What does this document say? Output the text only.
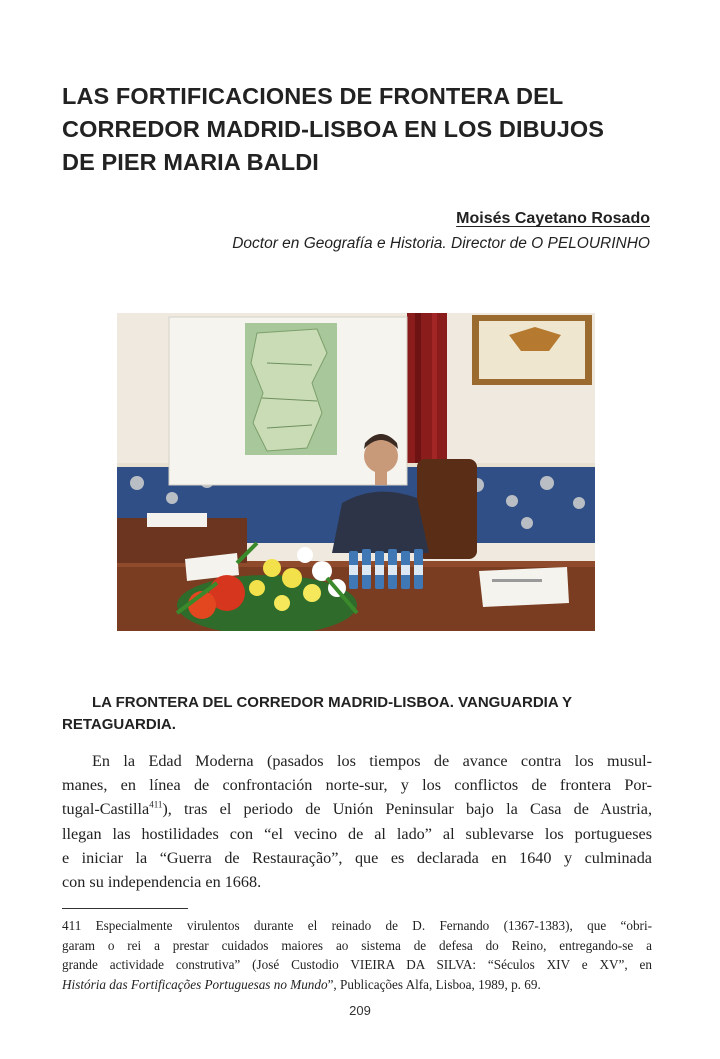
LAS FORTIFICACIONES DE FRONTERA DEL
CORREDOR MADRID-LISBOA EN LOS DIBUJOS
DE PIER MARIA BALDI
Moisés Cayetano Rosado
Doctor en Geografía e Historia. Director de O PELOURINHO
LA FRONTERA DEL CORREDOR MADRID-LISBOA. VANGUARDIA Y
RETAGUARDIA.
En la Edad Moderna (pasados los tiempos de avance contra los musul-
manes, en línea de confrontación norte-sur, y los conflictos de frontera Por-
tugal-Castilla$^{411}$), tras el periodo de Unión Peninsular bajo la Casa de Austria,
llegan las hostilidades con “el vecino de al lado” al sublevarse los portugueses
e iniciar la “Guerra de Restauração”, que es declarada en 1640 y culminada
con su independencia en 1668.
411 Especialmente virulentos durante el reinado de D. Fernando (1367-1383), que “obri-
garam o rei a prestar cuidados maiores ao sistema de defesa do Reino, entregando-se a
grande actividade construtiva” (José Custodio VIEIRA DA SILVA: “Séculos XIV e XV”, en
História das Fortificações Portuguesas no Mundo”, Publicações Alfa, Lisboa, 1989, p. 69.
209
